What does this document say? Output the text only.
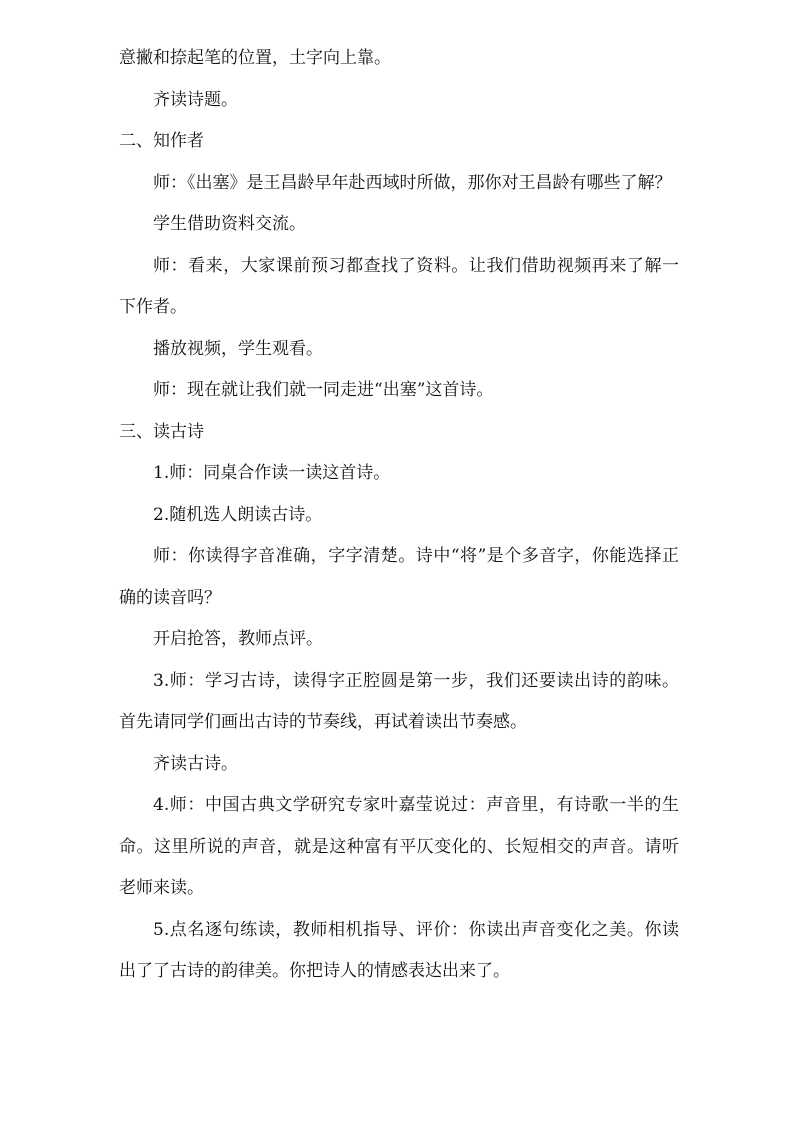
意撇和捺起笔的位置，土字向上靠。

齐读诗题。

二、知作者

师：《出塞》是王昌龄早年赴西域时所做，那你对王昌龄有哪些了解？

学生借助资料交流。

师：看来，大家课前预习都查找了资料。让我们借助视频再来了解一下作者。

播放视频，学生观看。

师：现在就让我们就一同走进“出塞”这首诗。

三、读古诗

1.师：同桌合作读一读这首诗。

2.随机选人朗读古诗。

师：你读得字音准确，字字清楚。诗中“将”是个多音字，你能选择正确的读音吗？

开启抢答，教师点评。

3.师：学习古诗，读得字正腔圆是第一步，我们还要读出诗的韵味。首先请同学们画出古诗的节奏线，再试着读出节奏感。

齐读古诗。

4.师：中国古典文学研究专家叶嘉莹说过：声音里，有诗歌一半的生命。这里所说的声音，就是这种富有平仄变化的、长短相交的声音。请听老师来读。

5.点名逐句练读，教师相机指导、评价：你读出声音变化之美。你读出了了古诗的韵律美。你把诗人的情感表达出来了。
